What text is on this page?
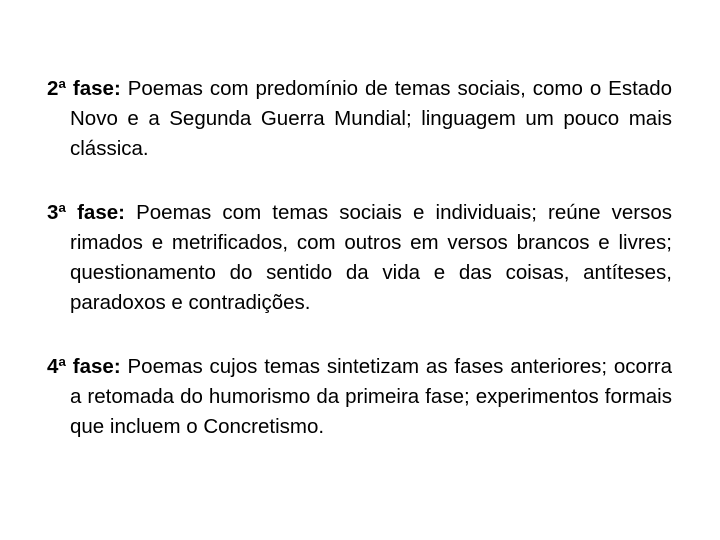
2ª fase: Poemas com predomínio de temas sociais, como o Estado Novo e a Segunda Guerra Mundial; linguagem um pouco mais clássica.

3ª fase: Poemas com temas sociais e individuais; reúne versos rimados e metrificados, com outros em versos brancos e livres; questionamento do sentido da vida e das coisas, antíteses, paradoxos e contradições.

4ª fase: Poemas cujos temas sintetizam as fases anteriores; ocorra a retomada do humorismo da primeira fase; experimentos formais que incluem o Concretismo.
